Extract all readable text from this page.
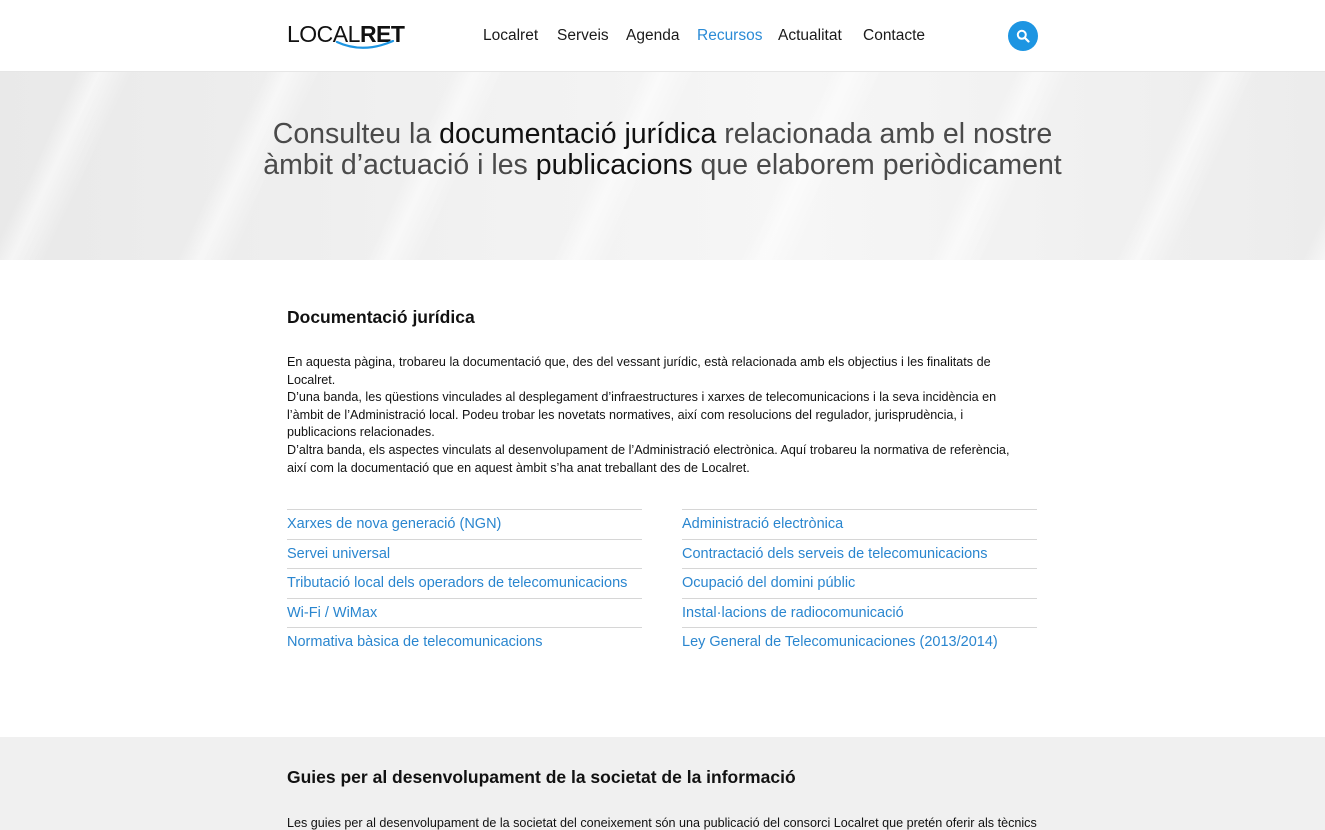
LOCALRET	Localret	Serveis	Agenda	Recursos	Actualitat	Contacte
Consulteu la documentació jurídica relacionada amb el nostre àmbit d’actuació i les publicacions que elaborem periòdicament
Documentació jurídica

En aquesta pàgina, trobareu la documentació que, des del vessant jurídic, està relacionada amb els objectius i les finalitats de Localret.

D’una banda, les qüestions vinculades al desplegament d’infraestructures i xarxes de telecomunicacions i la seva incidència en l’àmbit de l’Administració local. Podeu trobar les novetats normatives, així com resolucions del regulador, jurisprudència, i publicacions relacionades.

D’altra banda, els aspectes vinculats al desenvolupament de l’Administració electrònica. Aquí trobareu la normativa de referència, així com la documentació que en aquest àmbit s’ha anat treballant des de Localret.

Xarxes de nova generació (NGN)
Servei universal
Tributació local dels operadors de telecomunicacions
Wi-Fi / WiMax
Normativa bàsica de telecomunicacions
Administració electrònica
Contractació dels serveis de telecomunicacions
Ocupació del domini públic
Instal·lacions de radiocomunicació
Ley General de Telecomunicaciones (2013/2014)
Guies per al desenvolupament de la societat de la informació

Les guies per al desenvolupament de la societat del coneixement són una publicació del consorci Localret que pretén oferir als tècnics
